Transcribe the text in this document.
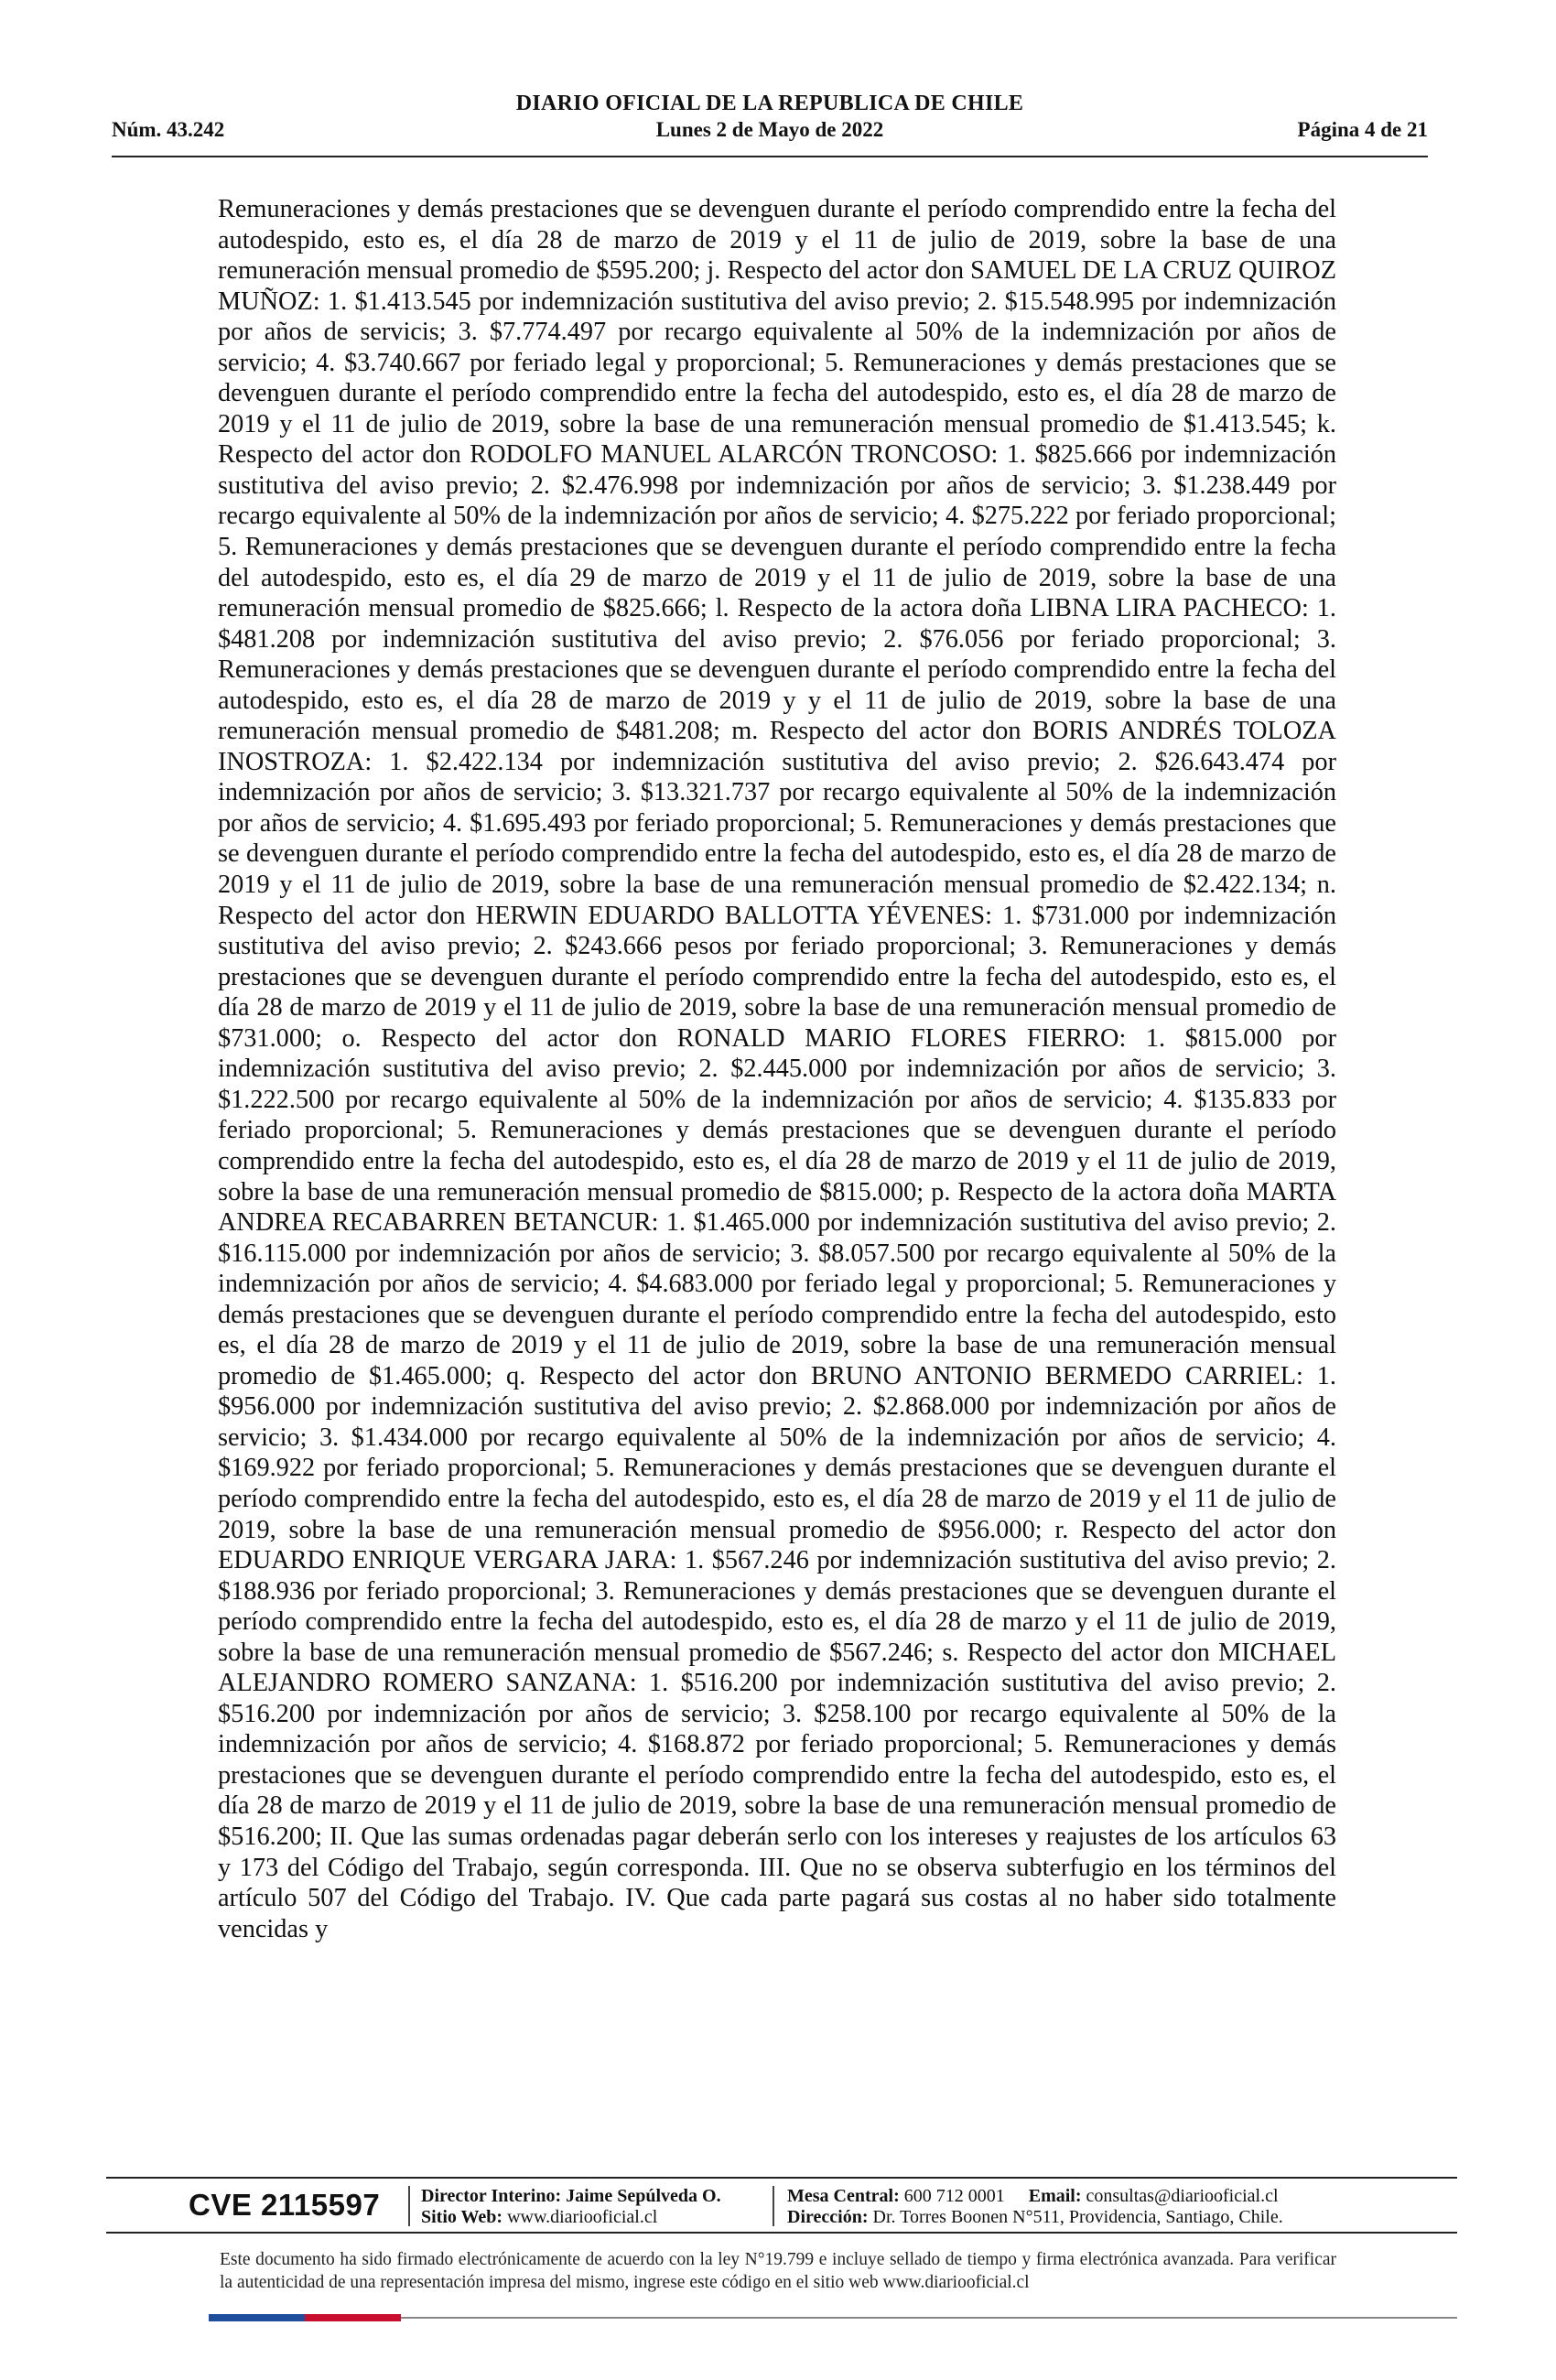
DIARIO OFICIAL DE LA REPUBLICA DE CHILE
Núm. 43.242	Lunes 2 de Mayo de 2022	Página 4 de 21
Remuneraciones y demás prestaciones que se devenguen durante el período comprendido entre la fecha del autodespido, esto es, el día 28 de marzo de 2019 y el 11 de julio de 2019, sobre la base de una remuneración mensual promedio de $595.200; j. Respecto del actor don SAMUEL DE LA CRUZ QUIROZ MUÑOZ: 1. $1.413.545 por indemnización sustitutiva del aviso previo; 2. $15.548.995 por indemnización por años de servicis; 3. $7.774.497 por recargo equivalente al 50% de la indemnización por años de servicio; 4. $3.740.667 por feriado legal y proporcional; 5. Remuneraciones y demás prestaciones que se devenguen durante el período comprendido entre la fecha del autodespido, esto es, el día 28 de marzo de 2019 y el 11 de julio de 2019, sobre la base de una remuneración mensual promedio de $1.413.545; k. Respecto del actor don RODOLFO MANUEL ALARCÓN TRONCOSO: 1. $825.666 por indemnización sustitutiva del aviso previo; 2. $2.476.998 por indemnización por años de servicio; 3. $1.238.449 por recargo equivalente al 50% de la indemnización por años de servicio; 4. $275.222 por feriado proporcional; 5. Remuneraciones y demás prestaciones que se devenguen durante el período comprendido entre la fecha del autodespido, esto es, el día 29 de marzo de 2019 y el 11 de julio de 2019, sobre la base de una remuneración mensual promedio de $825.666; l. Respecto de la actora doña LIBNA LIRA PACHECO: 1. $481.208 por indemnización sustitutiva del aviso previo; 2. $76.056 por feriado proporcional; 3. Remuneraciones y demás prestaciones que se devenguen durante el período comprendido entre la fecha del autodespido, esto es, el día 28 de marzo de 2019 y y el 11 de julio de 2019, sobre la base de una remuneración mensual promedio de $481.208; m. Respecto del actor don BORIS ANDRÉS TOLOZA INOSTROZA: 1. $2.422.134 por indemnización sustitutiva del aviso previo; 2. $26.643.474 por indemnización por años de servicio; 3. $13.321.737 por recargo equivalente al 50% de la indemnización por años de servicio; 4. $1.695.493 por feriado proporcional; 5. Remuneraciones y demás prestaciones que se devenguen durante el período comprendido entre la fecha del autodespido, esto es, el día 28 de marzo de 2019 y el 11 de julio de 2019, sobre la base de una remuneración mensual promedio de $2.422.134; n. Respecto del actor don HERWIN EDUARDO BALLOTTA YÉVENES: 1. $731.000 por indemnización sustitutiva del aviso previo; 2. $243.666 pesos por feriado proporcional; 3. Remuneraciones y demás prestaciones que se devenguen durante el período comprendido entre la fecha del autodespido, esto es, el día 28 de marzo de 2019 y el 11 de julio de 2019, sobre la base de una remuneración mensual promedio de $731.000; o. Respecto del actor don RONALD MARIO FLORES FIERRO: 1. $815.000 por indemnización sustitutiva del aviso previo; 2. $2.445.000 por indemnización por años de servicio; 3. $1.222.500 por recargo equivalente al 50% de la indemnización por años de servicio; 4. $135.833 por feriado proporcional; 5. Remuneraciones y demás prestaciones que se devenguen durante el período comprendido entre la fecha del autodespido, esto es, el día 28 de marzo de 2019 y el 11 de julio de 2019, sobre la base de una remuneración mensual promedio de $815.000; p. Respecto de la actora doña MARTA ANDREA RECABARREN BETANCUR: 1. $1.465.000 por indemnización sustitutiva del aviso previo; 2. $16.115.000 por indemnización por años de servicio; 3. $8.057.500 por recargo equivalente al 50% de la indemnización por años de servicio; 4. $4.683.000 por feriado legal y proporcional; 5. Remuneraciones y demás prestaciones que se devenguen durante el período comprendido entre la fecha del autodespido, esto es, el día 28 de marzo de 2019 y el 11 de julio de 2019, sobre la base de una remuneración mensual promedio de $1.465.000; q. Respecto del actor don BRUNO ANTONIO BERMEDO CARRIEL: 1. $956.000 por indemnización sustitutiva del aviso previo; 2. $2.868.000 por indemnización por años de servicio; 3. $1.434.000 por recargo equivalente al 50% de la indemnización por años de servicio; 4. $169.922 por feriado proporcional; 5. Remuneraciones y demás prestaciones que se devenguen durante el período comprendido entre la fecha del autodespido, esto es, el día 28 de marzo de 2019 y el 11 de julio de 2019, sobre la base de una remuneración mensual promedio de $956.000; r. Respecto del actor don EDUARDO ENRIQUE VERGARA JARA: 1. $567.246 por indemnización sustitutiva del aviso previo; 2. $188.936 por feriado proporcional; 3. Remuneraciones y demás prestaciones que se devenguen durante el período comprendido entre la fecha del autodespido, esto es, el día 28 de marzo y el 11 de julio de 2019, sobre la base de una remuneración mensual promedio de $567.246; s. Respecto del actor don MICHAEL ALEJANDRO ROMERO SANZANA: 1. $516.200 por indemnización sustitutiva del aviso previo; 2. $516.200 por indemnización por años de servicio; 3. $258.100 por recargo equivalente al 50% de la indemnización por años de servicio; 4. $168.872 por feriado proporcional; 5. Remuneraciones y demás prestaciones que se devenguen durante el período comprendido entre la fecha del autodespido, esto es, el día 28 de marzo de 2019 y el 11 de julio de 2019, sobre la base de una remuneración mensual promedio de $516.200; II. Que las sumas ordenadas pagar deberán serlo con los intereses y reajustes de los artículos 63 y 173 del Código del Trabajo, según corresponda. III. Que no se observa subterfugio en los términos del artículo 507 del Código del Trabajo. IV. Que cada parte pagará sus costas al no haber sido totalmente vencidas y
CVE 2115597 Director Interino: Jaime Sepúlveda O.
Sitio Web: www.diariooficial.cl
Mesa Central: 600 712 0001 Email: consultas@diariooficial.cl
Dirección: Dr. Torres Boonen N°511, Providencia, Santiago, Chile.
Este documento ha sido firmado electrónicamente de acuerdo con la ley N°19.799 e incluye sellado de tiempo y firma electrónica avanzada. Para verificar la autenticidad de una representación impresa del mismo, ingrese este código en el sitio web www.diariooficial.cl
